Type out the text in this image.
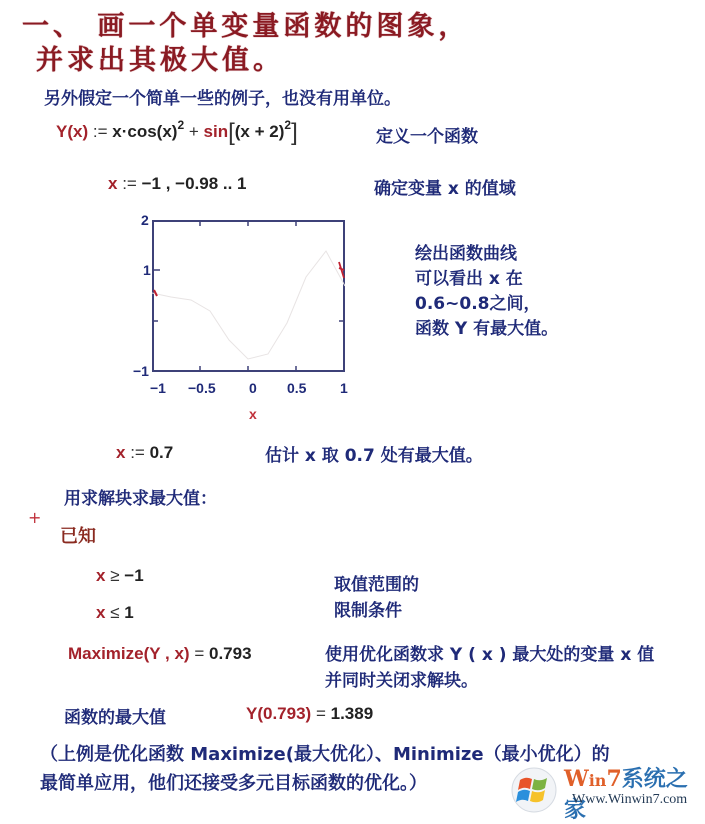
一、 画一个单变量函数的图象，
并求出其极大值。
另外假定一个简单一些的例子，也没有用单位。
Y(x) := $x\cdot\cos(x)^2 + \sin[(x + 2)^2]$	定义一个函数
x := −1 , −0.98 .. 1	确定变量 x 的值域
2
1
−1
−1 −0.5 0 0.5 1
x
绘出函数曲线
可以看出 x 在
0.6~0.8之间，
函数 Y 有最大值。
x := 0.7	估计 x 取 0.7 处有最大值。
用求解块求最大值：
+
已知
x ≥ −1
x ≤ 1
取值范围的
限制条件
Maximize(Y , x) = 0.793	使用优化函数求 Y ( x ) 最大处的变量 x 值
并同时关闭求解块。
函数的最大值	Y(0.793) = 1.389
（上例是优化函数 Maximize(最大优化）、Minimize（最小优化）的
最简单应用，他们还接受多元目标函数的优化。）	Win7系统之家
Www.Winwin7.com
